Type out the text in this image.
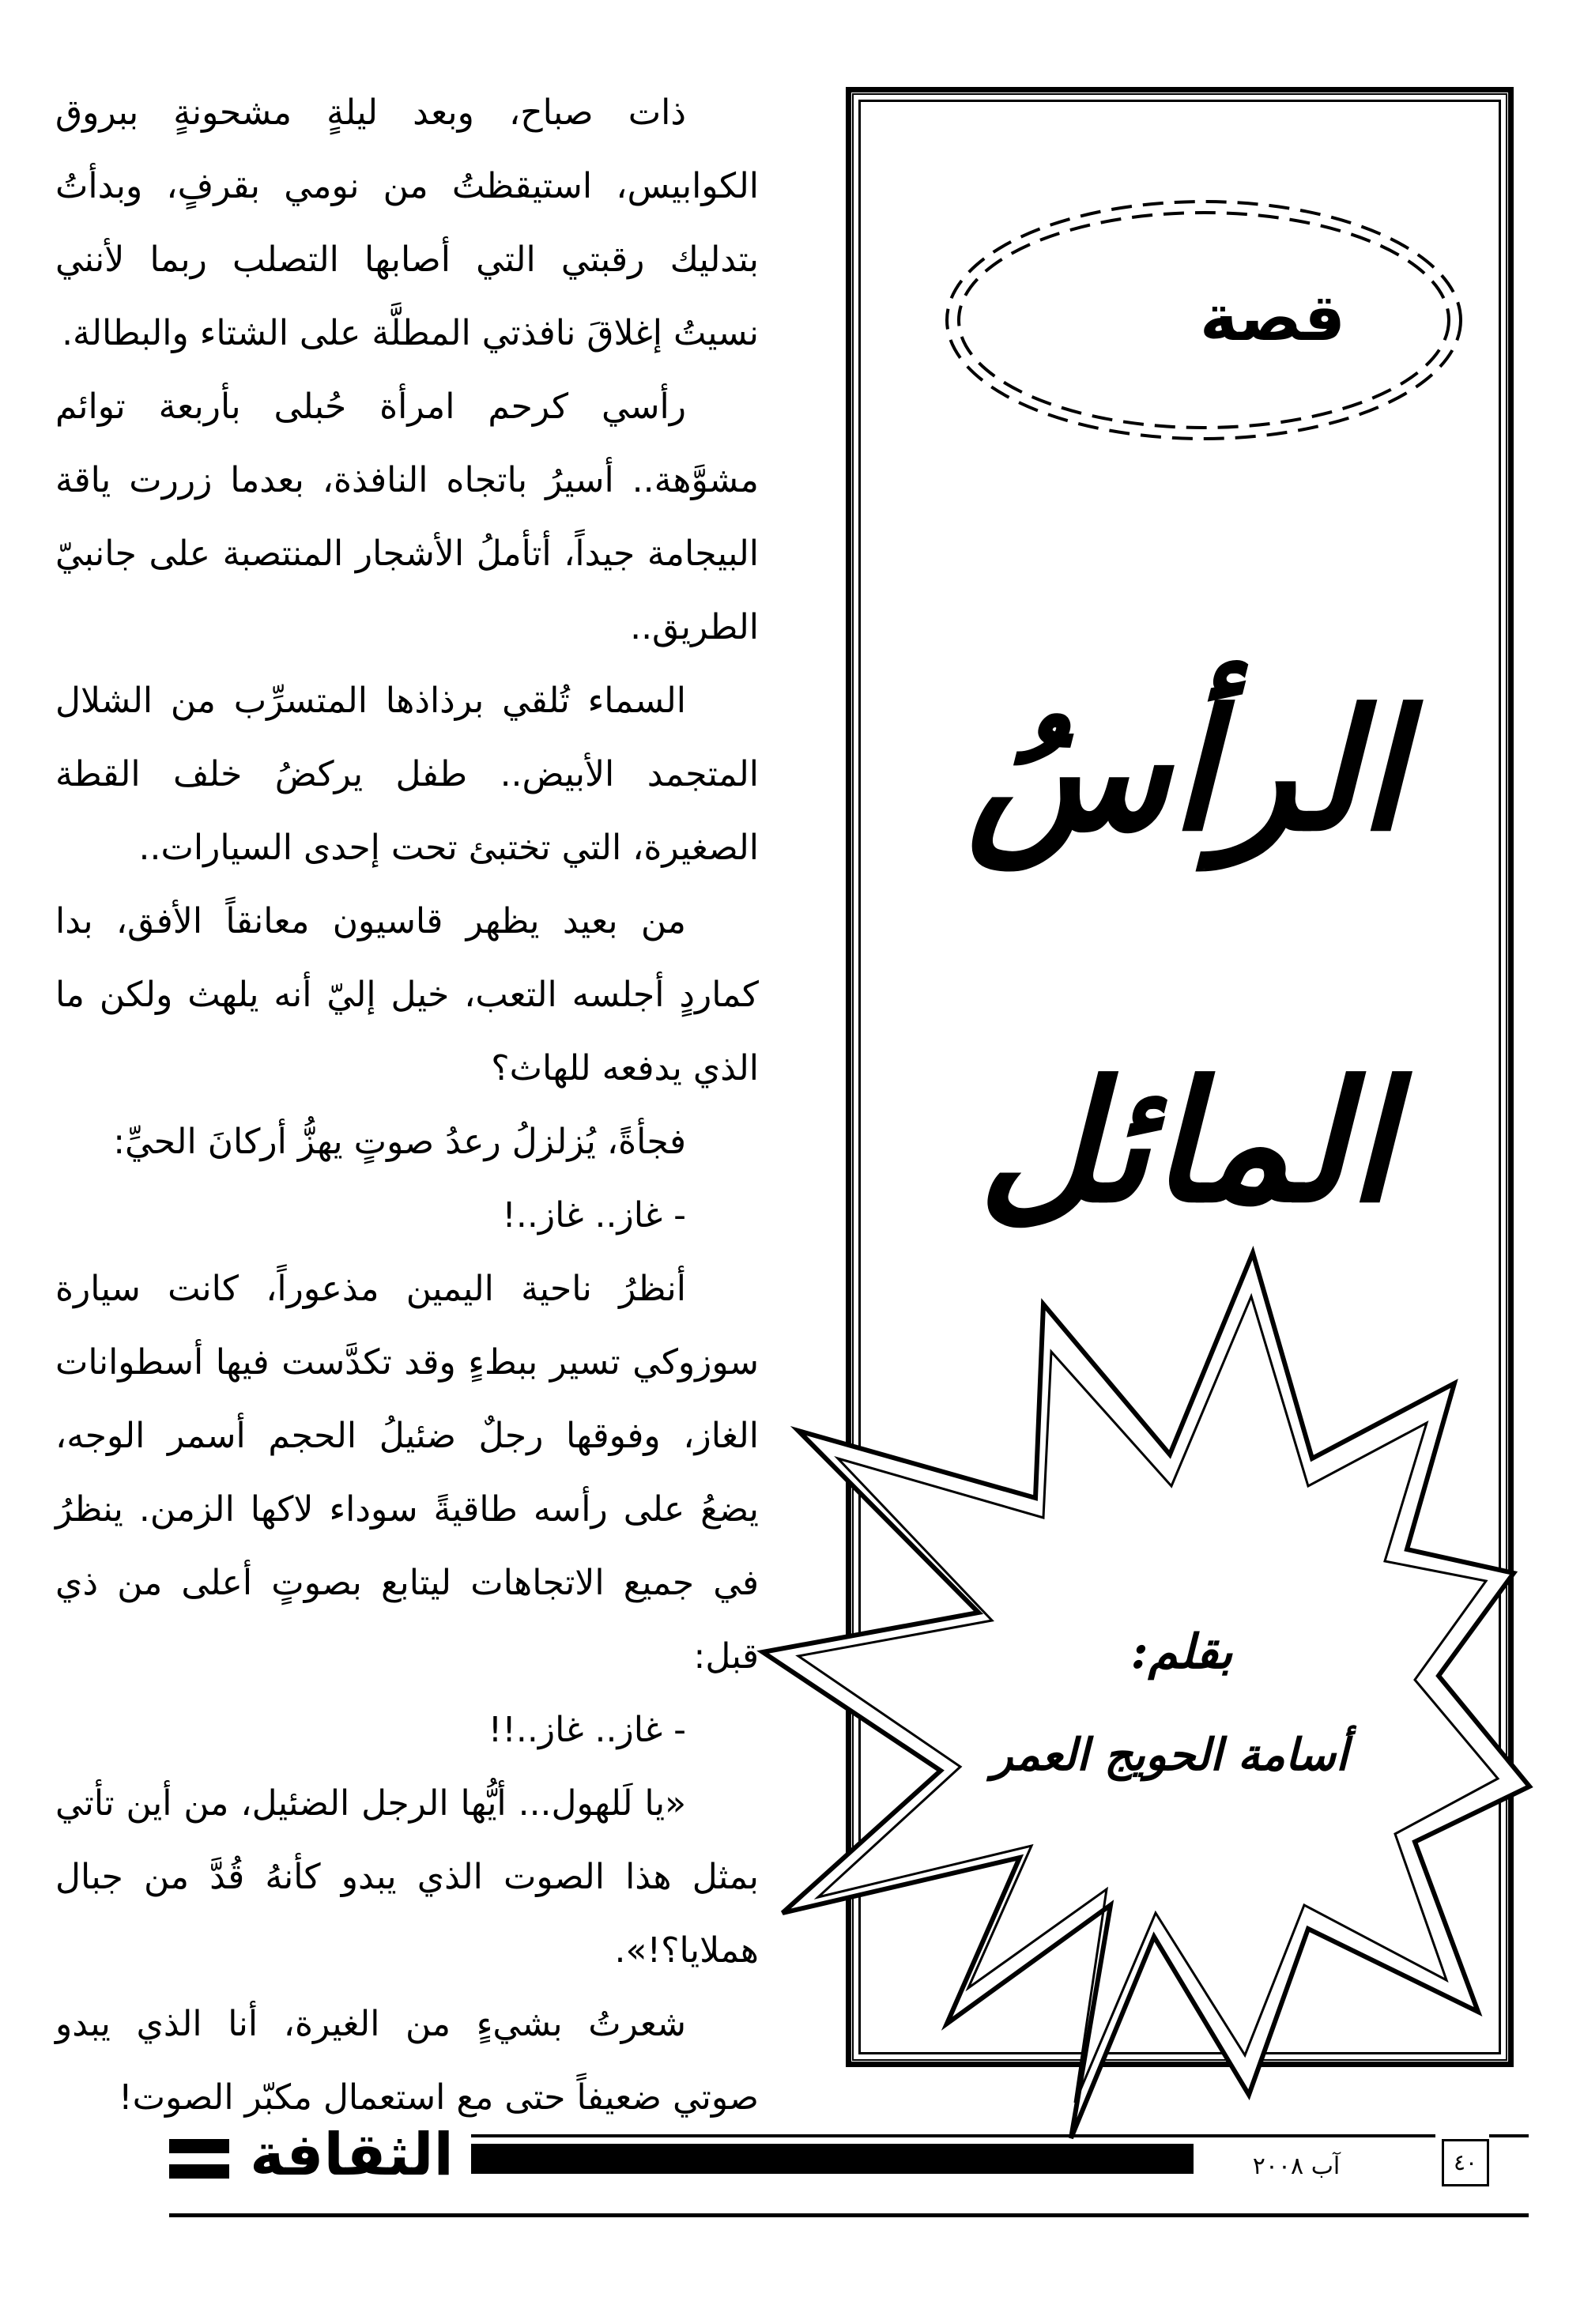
ذات صباح، وبعد ليلةٍ مشحونةٍ ببروق الكوابيس، استيقظتُ من نومي بقرفٍ، وبدأتُ بتدليك رقبتي التي أصابها التصلب ربما لأنني نسيتُ إغلاقَ نافذتي المطلَّة على الشتاء والبطالة.

رأسي كرحم امرأة حُبلى بأربعة توائم مشوَّهة.. أسيرُ باتجاه النافذة، بعدما زررت ياقة البيجامة جيداً، أتأملُ الأشجار المنتصبة على جانبيّ الطريق..

السماء تُلقي برذاذها المتسرِّب من الشلال المتجمد الأبيض.. طفل يركضُ خلف القطة الصغيرة، التي تختبئ تحت إحدى السيارات..

من بعيد يظهر قاسيون معانقاً الأفق، بدا كماردٍ أجلسه التعب، خيل إليّ أنه يلهث ولكن ما الذي يدفعه للهاث؟

فجأةً، يُزلزلُ رعدُ صوتٍ يهزُّ أركانَ الحيِّ:

- غاز.. غاز..!

أنظرُ ناحية اليمين مذعوراً، كانت سيارة سوزوكي تسير ببطءٍ وقد تكدَّست فيها أسطوانات الغاز، وفوقها رجلٌ ضئيلُ الحجم أسمر الوجه، يضعُ على رأسه طاقيةً سوداء لاكها الزمن. ينظرُ في جميع الاتجاهات ليتابع بصوتٍ أعلى من ذي قبل:

- غاز.. غاز..!!

«يا لَلهول... أيُّها الرجل الضئيل، من أين تأتي بمثل هذا الصوت الذي يبدو كأنهُ قُدَّ من جبال هملايا؟!».

شعرتُ بشيءٍ من الغيرة، أنا الذي يبدو صوتي ضعيفاً حتى مع استعمال مكبّر الصوت!

قصة
الرأسُ
المائل
بقلم:
أسامة الحويج العمر
الثقافة	آب ٢٠٠٨	٤٠
